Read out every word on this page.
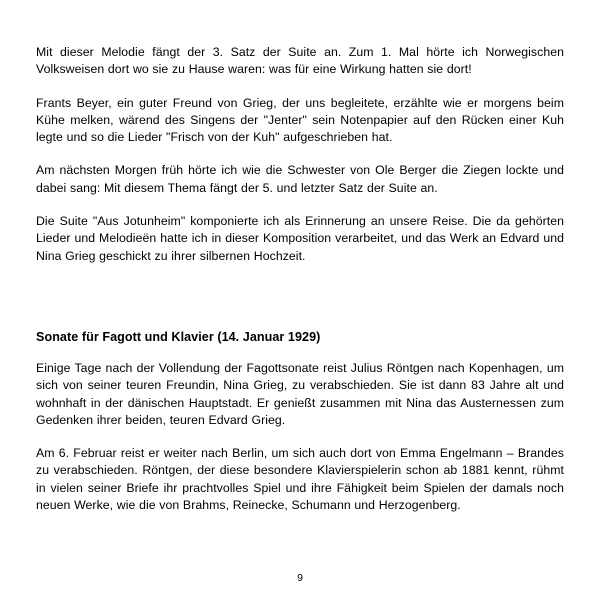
Mit dieser Melodie fängt der 3. Satz der Suite an. Zum 1. Mal hörte ich Norwegischen Volksweisen dort wo sie zu Hause waren: was für eine Wirkung hatten sie dort!

Frants Beyer, ein guter Freund von Grieg, der uns begleitete, erzählte wie er morgens beim Kühe melken, wärend des Singens der "Jenter" sein Notenpapier auf den Rücken einer Kuh legte und so die Lieder "Frisch von der Kuh" aufgeschrieben hat.

Am nächsten Morgen früh hörte ich wie die Schwester von Ole Berger die Ziegen lockte und dabei sang: Mit diesem Thema fängt der 5. und letzter Satz der Suite an.

Die Suite "Aus Jotunheim" komponierte ich als Erinnerung an unsere Reise. Die da gehörten Lieder und Melodieën hatte ich in dieser Komposition verarbeitet, und das Werk an Edvard und Nina Grieg geschickt zu ihrer silbernen Hochzeit.

Sonate für Fagott und Klavier (14. Januar 1929)

Einige Tage nach der Vollendung der Fagottsonate reist Julius Röntgen nach Kopenhagen, um sich von seiner teuren Freundin, Nina Grieg, zu verabschieden. Sie ist dann 83 Jahre alt und wohnhaft in der dänischen Hauptstadt. Er genießt zusammen mit Nina das Austernessen zum Gedenken ihrer beiden, teuren Edvard Grieg.

Am 6. Februar reist er weiter nach Berlin, um sich auch dort von Emma Engelmann – Brandes zu verabschieden. Röntgen, der diese besondere Klavierspielerin schon ab 1881 kennt, rühmt in vielen seiner Briefe ihr prachtvolles Spiel und ihre Fähigkeit beim Spielen der damals noch neuen Werke, wie die von Brahms, Reinecke, Schumann und Herzogenberg.

9
